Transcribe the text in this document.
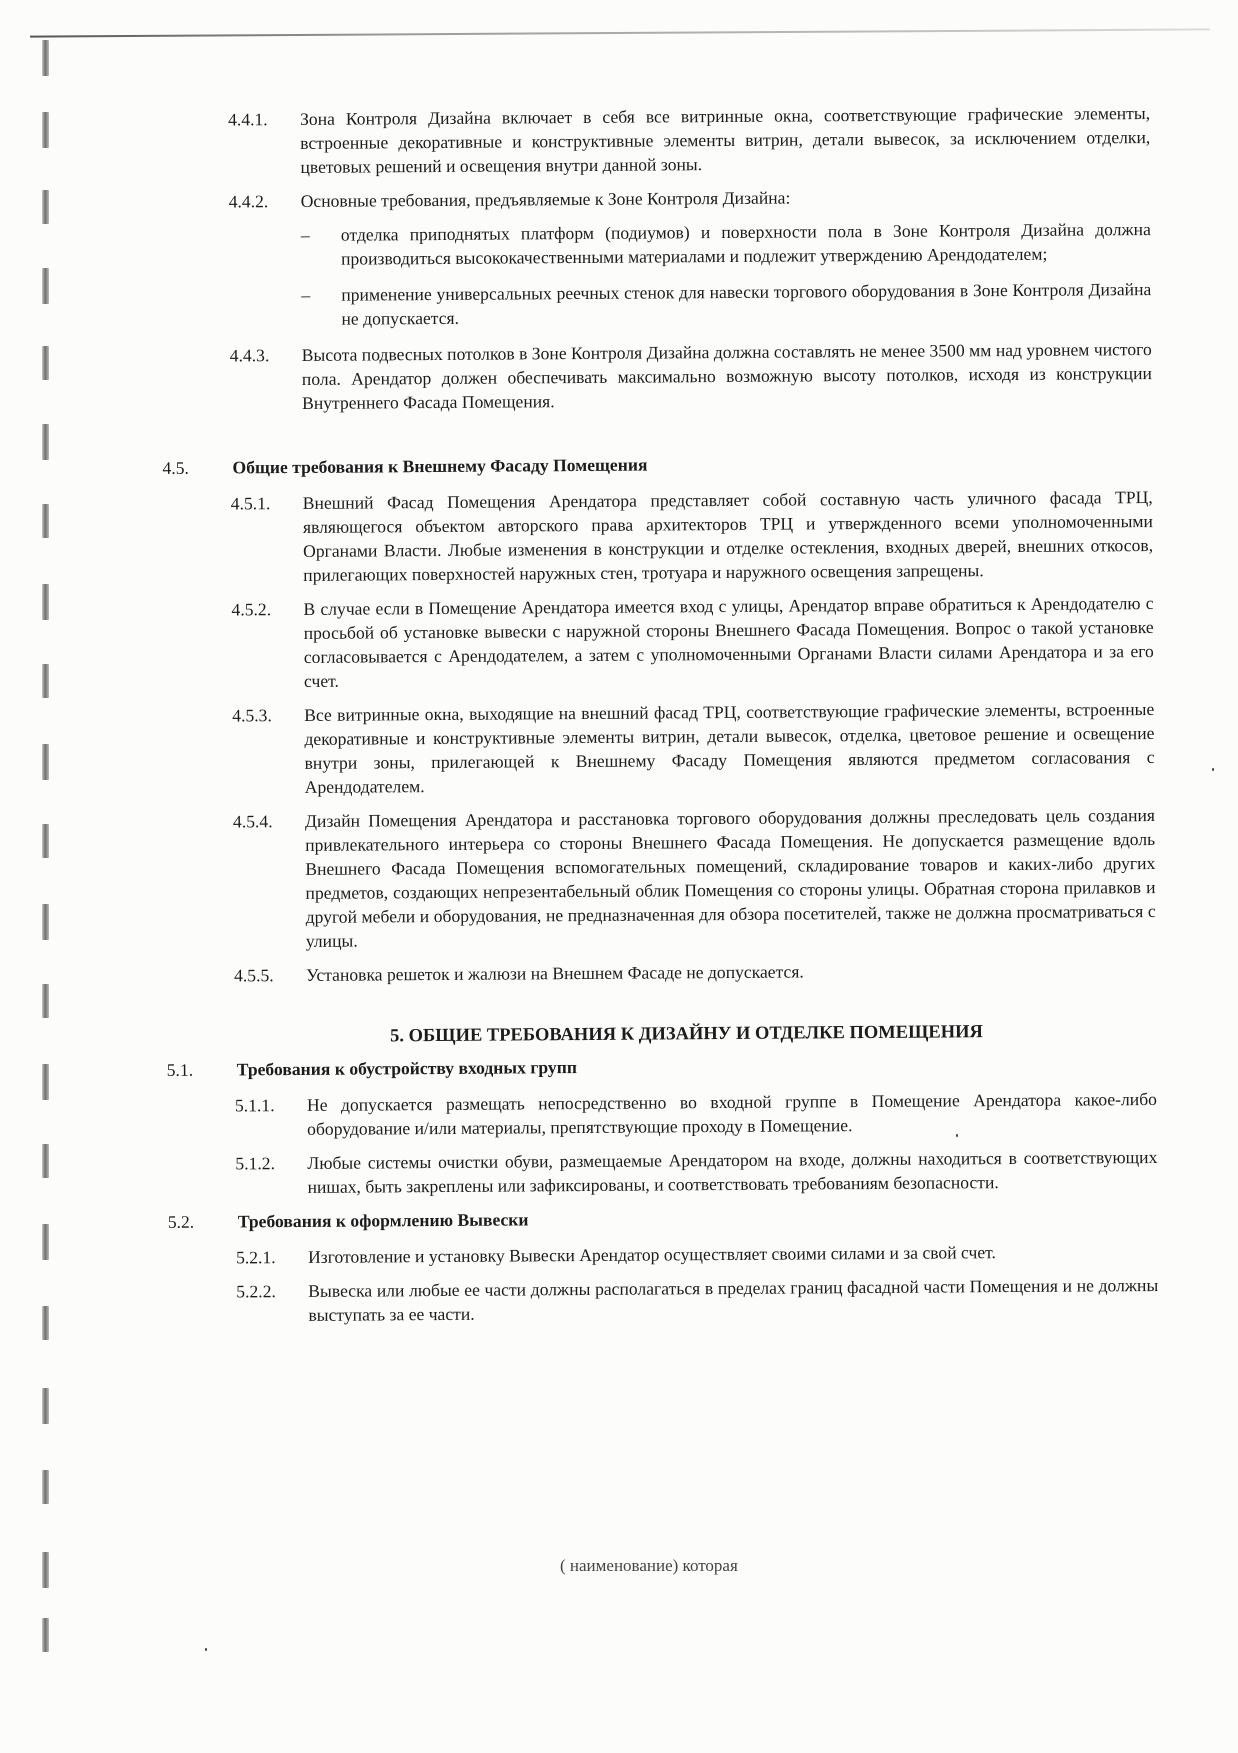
4.4.1. Зона Контроля Дизайна включает в себя все витринные окна, соответствующие графические элементы, встроенные декоративные и конструктивные элементы витрин, детали вывесок, за исключением отделки, цветовых решений и освещения внутри данной зоны.
4.4.2. Основные требования, предъявляемые к Зоне Контроля Дизайна:
– отделка приподнятых платформ (подиумов) и поверхности пола в Зоне Контроля Дизайна должна производиться высококачественными материалами и подлежит утверждению Арендодателем;
– применение универсальных реечных стенок для навески торгового оборудования в Зоне Контроля Дизайна не допускается.
4.4.3. Высота подвесных потолков в Зоне Контроля Дизайна должна составлять не менее 3500 мм над уровнем чистого пола. Арендатор должен обеспечивать максимально возможную высоту потолков, исходя из конструкции Внутреннего Фасада Помещения.
4.5. Общие требования к Внешнему Фасаду Помещения
4.5.1. Внешний Фасад Помещения Арендатора представляет собой составную часть уличного фасада ТРЦ, являющегося объектом авторского права архитекторов ТРЦ и утвержденного всеми уполномоченными Органами Власти. Любые изменения в конструкции и отделке остекления, входных дверей, внешних откосов, прилегающих поверхностей наружных стен, тротуара и наружного освещения запрещены.
4.5.2. В случае если в Помещение Арендатора имеется вход с улицы, Арендатор вправе обратиться к Арендодателю с просьбой об установке вывески с наружной стороны Внешнего Фасада Помещения. Вопрос о такой установке согласовывается с Арендодателем, а затем с уполномоченными Органами Власти силами Арендатора и за его счет.
4.5.3. Все витринные окна, выходящие на внешний фасад ТРЦ, соответствующие графические элементы, встроенные декоративные и конструктивные элементы витрин, детали вывесок, отделка, цветовое решение и освещение внутри зоны, прилегающей к Внешнему Фасаду Помещения являются предметом согласования с Арендодателем.
4.5.4. Дизайн Помещения Арендатора и расстановка торгового оборудования должны преследовать цель создания привлекательного интерьера со стороны Внешнего Фасада Помещения. Не допускается размещение вдоль Внешнего Фасада Помещения вспомогательных помещений, складирование товаров и каких-либо других предметов, создающих непрезентабельный облик Помещения со стороны улицы. Обратная сторона прилавков и другой мебели и оборудования, не предназначенная для обзора посетителей, также не должна просматриваться с улицы.
4.5.5. Установка решеток и жалюзи на Внешнем Фасаде не допускается.
5. ОБЩИЕ ТРЕБОВАНИЯ К ДИЗАЙНУ И ОТДЕЛКЕ ПОМЕЩЕНИЯ
5.1. Требования к обустройству входных групп
5.1.1. Не допускается размещать непосредственно во входной группе в Помещение Арендатора какое-либо оборудование и/или материалы, препятствующие проходу в Помещение.
5.1.2. Любые системы очистки обуви, размещаемые Арендатором на входе, должны находиться в соответствующих нишах, быть закреплены или зафиксированы, и соответствовать требованиям безопасности.
5.2. Требования к оформлению Вывески
5.2.1. Изготовление и установку Вывески Арендатор осуществляет своими силами и за свой счет.
5.2.2. Вывеска или любые ее части должны располагаться в пределах границ фасадной части Помещения и не должны выступать за ее части.
( наименование) которая
